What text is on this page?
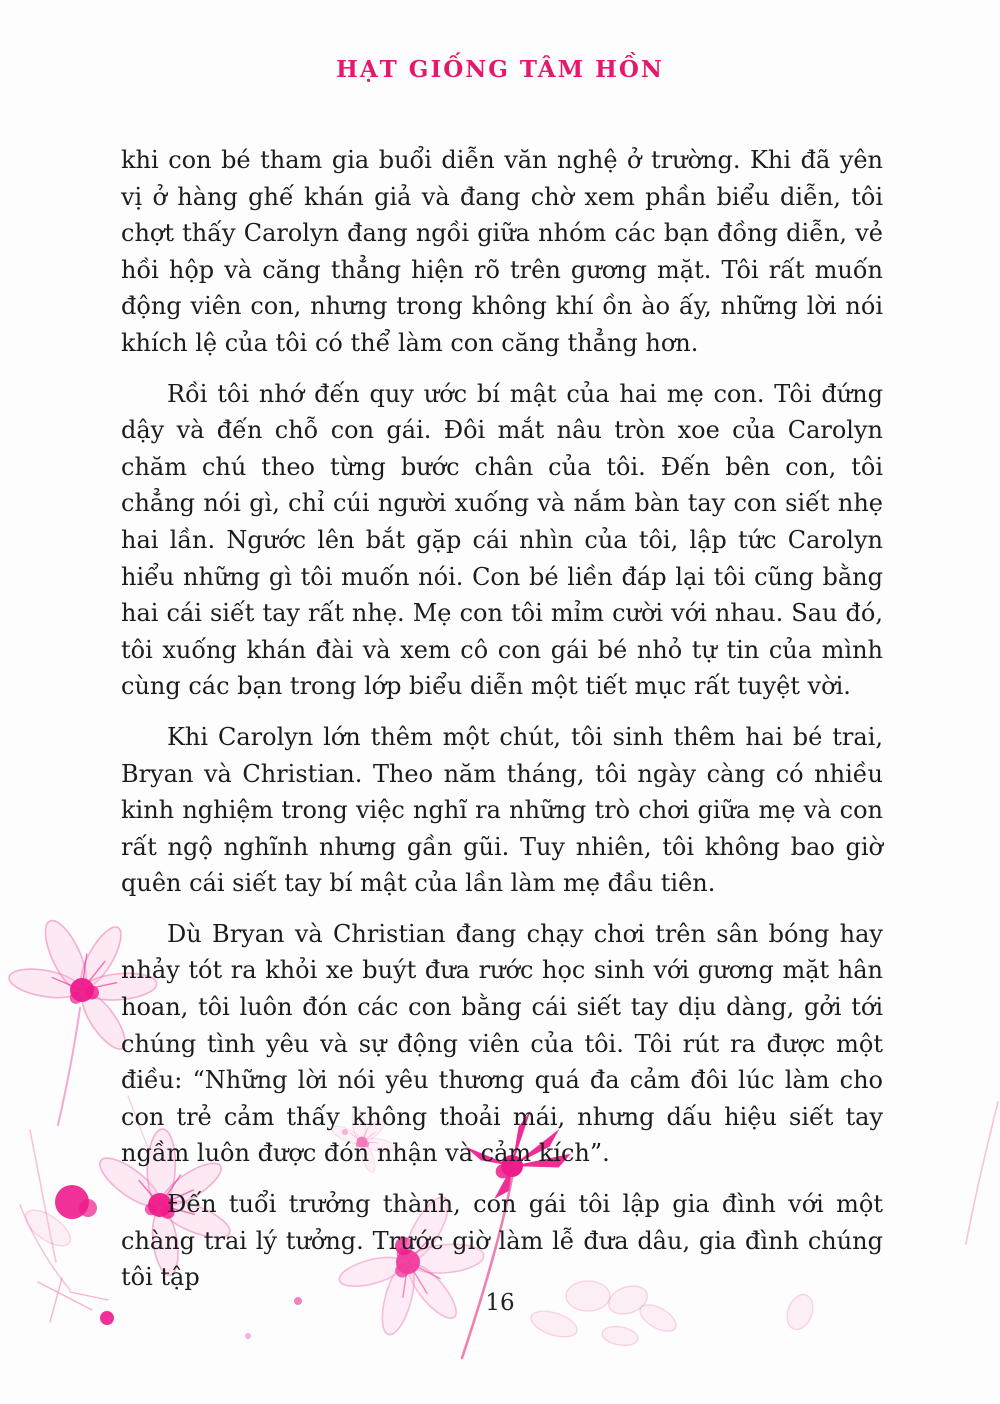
HẠT GIỐNG TÂM HỒN

khi con bé tham gia buổi diễn văn nghệ ở trường. Khi đã yên vị ở hàng ghế khán giả và đang chờ xem phần biểu diễn, tôi chợt thấy Carolyn đang ngồi giữa nhóm các bạn đồng diễn, vẻ hồi hộp và căng thẳng hiện rõ trên gương mặt. Tôi rất muốn động viên con, nhưng trong không khí ồn ào ấy, những lời nói khích lệ của tôi có thể làm con căng thẳng hơn.

Rồi tôi nhớ đến quy ước bí mật của hai mẹ con. Tôi đứng dậy và đến chỗ con gái. Đôi mắt nâu tròn xoe của Carolyn chăm chú theo từng bước chân của tôi. Đến bên con, tôi chẳng nói gì, chỉ cúi người xuống và nắm bàn tay con siết nhẹ hai lần. Ngước lên bắt gặp cái nhìn của tôi, lập tức Carolyn hiểu những gì tôi muốn nói. Con bé liền đáp lại tôi cũng bằng hai cái siết tay rất nhẹ. Mẹ con tôi mỉm cười với nhau. Sau đó, tôi xuống khán đài và xem cô con gái bé nhỏ tự tin của mình cùng các bạn trong lớp biểu diễn một tiết mục rất tuyệt vời.

Khi Carolyn lớn thêm một chút, tôi sinh thêm hai bé trai, Bryan và Christian. Theo năm tháng, tôi ngày càng có nhiều kinh nghiệm trong việc nghĩ ra những trò chơi giữa mẹ và con rất ngộ nghĩnh nhưng gần gũi. Tuy nhiên, tôi không bao giờ quên cái siết tay bí mật của lần làm mẹ đầu tiên.

Dù Bryan và Christian đang chạy chơi trên sân bóng hay nhảy tót ra khỏi xe buýt đưa rước học sinh với gương mặt hân hoan, tôi luôn đón các con bằng cái siết tay dịu dàng, gởi tới chúng tình yêu và sự động viên của tôi. Tôi rút ra được một điều: “Những lời nói yêu thương quá đa cảm đôi lúc làm cho con trẻ cảm thấy không thoải mái, nhưng dấu hiệu siết tay ngầm luôn được đón nhận và cảm kích”.

Đến tuổi trưởng thành, con gái tôi lập gia đình với một chàng trai lý tưởng. Trước giờ làm lễ đưa dâu, gia đình chúng tôi tập

16
